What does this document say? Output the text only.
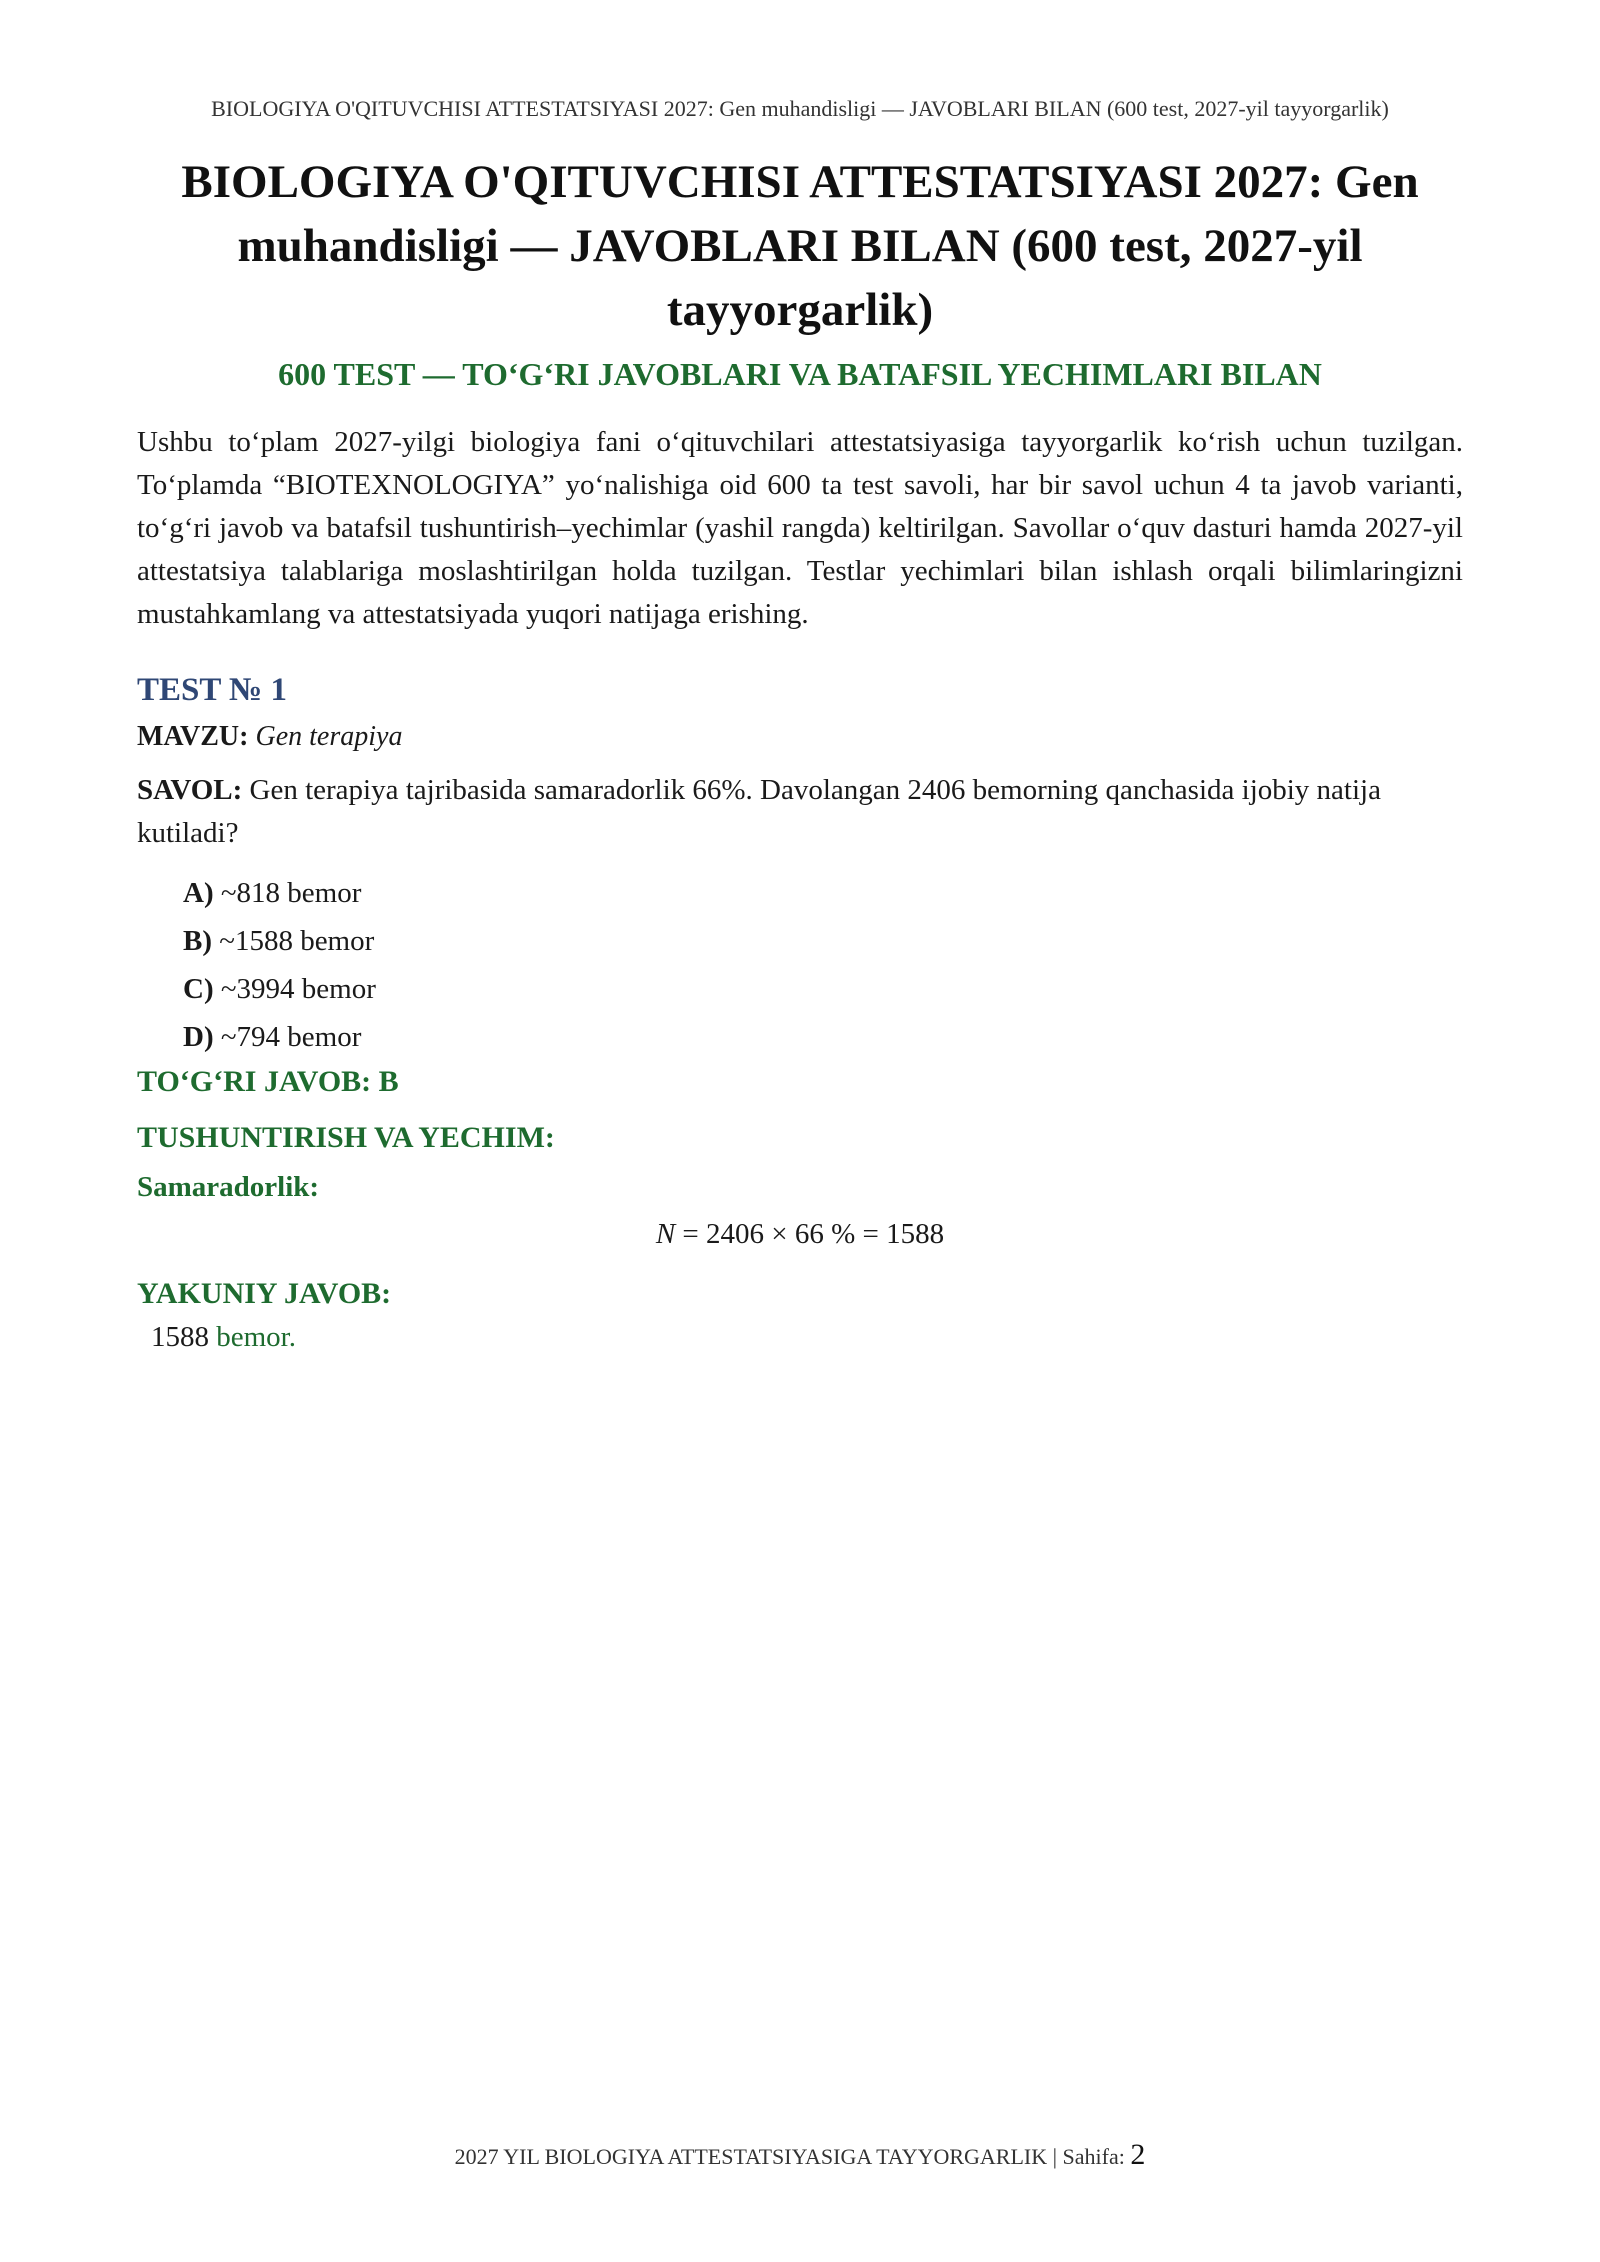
BIOLOGIYA O'QITUVCHISI ATTESTATSIYASI 2027: Gen muhandisligi — JAVOBLARI BILAN (600 test, 2027-yil tayyorgarlik)
BIOLOGIYA O'QITUVCHISI ATTESTATSIYASI 2027: Gen muhandisligi — JAVOBLARI BILAN (600 test, 2027-yil tayyorgarlik)
600 TEST — TO‘G‘RI JAVOBLARI VA BATAFSIL YECHIMLARI BILAN

Ushbu to‘plam 2027-yilgi biologiya fani o‘qituvchilari attestatsiyasiga tayyorgarlik ko‘rish uchun tuzilgan. To‘plamda “BIOTEXNOLOGIYA” yo‘nalishiga oid 600 ta test savoli, har bir savol uchun 4 ta javob varianti, to‘g‘ri javob va batafsil tushuntirish–yechimlar (yashil rangda) keltirilgan. Savollar o‘quv dasturi hamda 2027-yil attestatsiya talablariga moslashtirilgan holda tuzilgan. Testlar yechimlari bilan ishlash orqali bilimlaringizni mustahkamlang va attestatsiyada yuqori natijaga erishing.

TEST № 1
MAVZU: Gen terapiya
SAVOL: Gen terapiya tajribasida samaradorlik 66%. Davolangan 2406 bemorning qanchasida ijobiy natija kutiladi?
A) ~818 bemor
B) ~1588 bemor
C) ~3994 bemor
D) ~794 bemor
TO‘G‘RI JAVOB: B
TUSHUNTIRISH VA YECHIM:
Samaradorlik:
N = 2406 × 66 % = 1588
YAKUNIY JAVOB:
1588 bemor.
2027 YIL BIOLOGIYA ATTESTATSIYASIGA TAYYORGARLIK | Sahifa: 2
